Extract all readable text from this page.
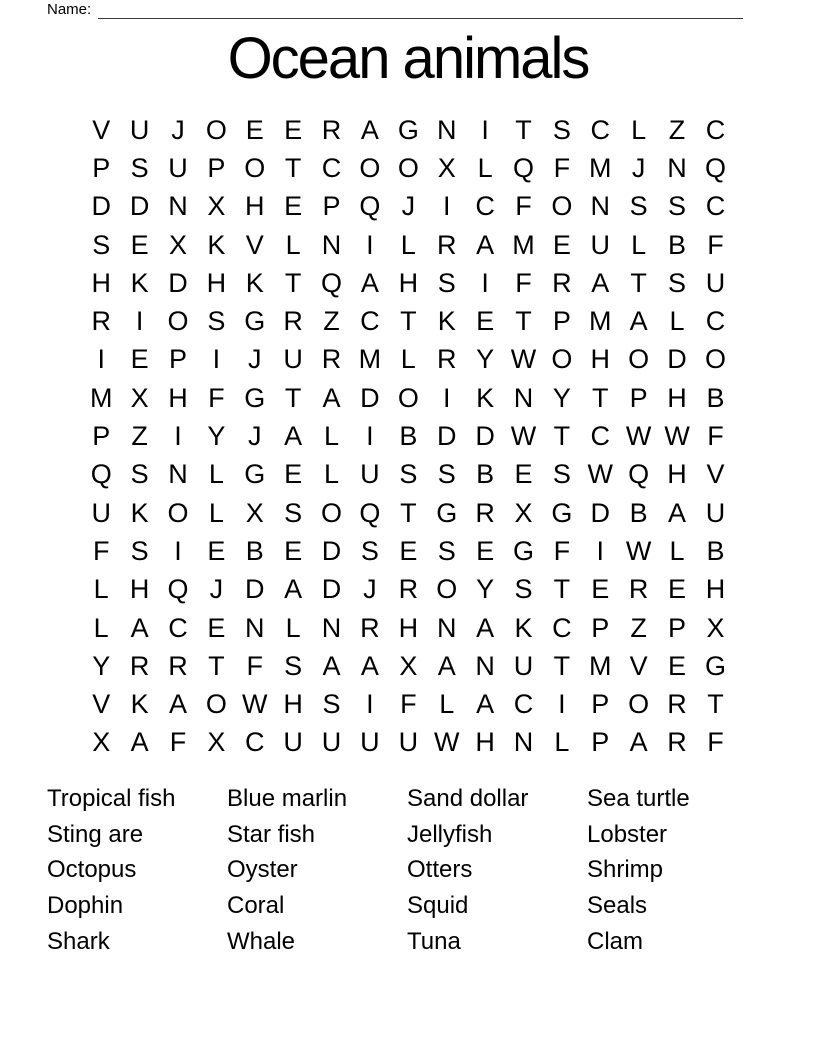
Name:
Ocean animals
V U J O E E R A G N I T S C L Z C
P S U P O T C O O X L Q F M J N Q
D D N X H E P Q J	I C F O N S S C
S E X K V L N I	L R A M E U L B F
H K D H K T Q A H S I F R A T S U
R I O S G R Z C T K E T P M A L C
I E P I	J U R M L R Y W O H O D O
M X H F G T A D O I K N Y T P H B
P Z I Y J A L	I B D D W T C W W F
Q S N L G E L U S S B E S W Q H V
U K O L X S O Q T G R X G D B A U
F S I E B E D S E S E G F I W L B
L H Q J D A D J R O Y S T E R E H
L A C E N L N R H N A K C P Z P X
Y R R T F S A A X A N U T M V E G
V K A O W H S I F L A C I P O R T
X A F X C U U U U W H N L P A R F
Tropical fish
Sting are
Octopus
Dophin
Shark
Blue marlin
Star fish
Oyster
Coral
Whale
Sand dollar
Jellyfish
Otters
Squid
Tuna
Sea turtle
Lobster
Shrimp
Seals
Clam
